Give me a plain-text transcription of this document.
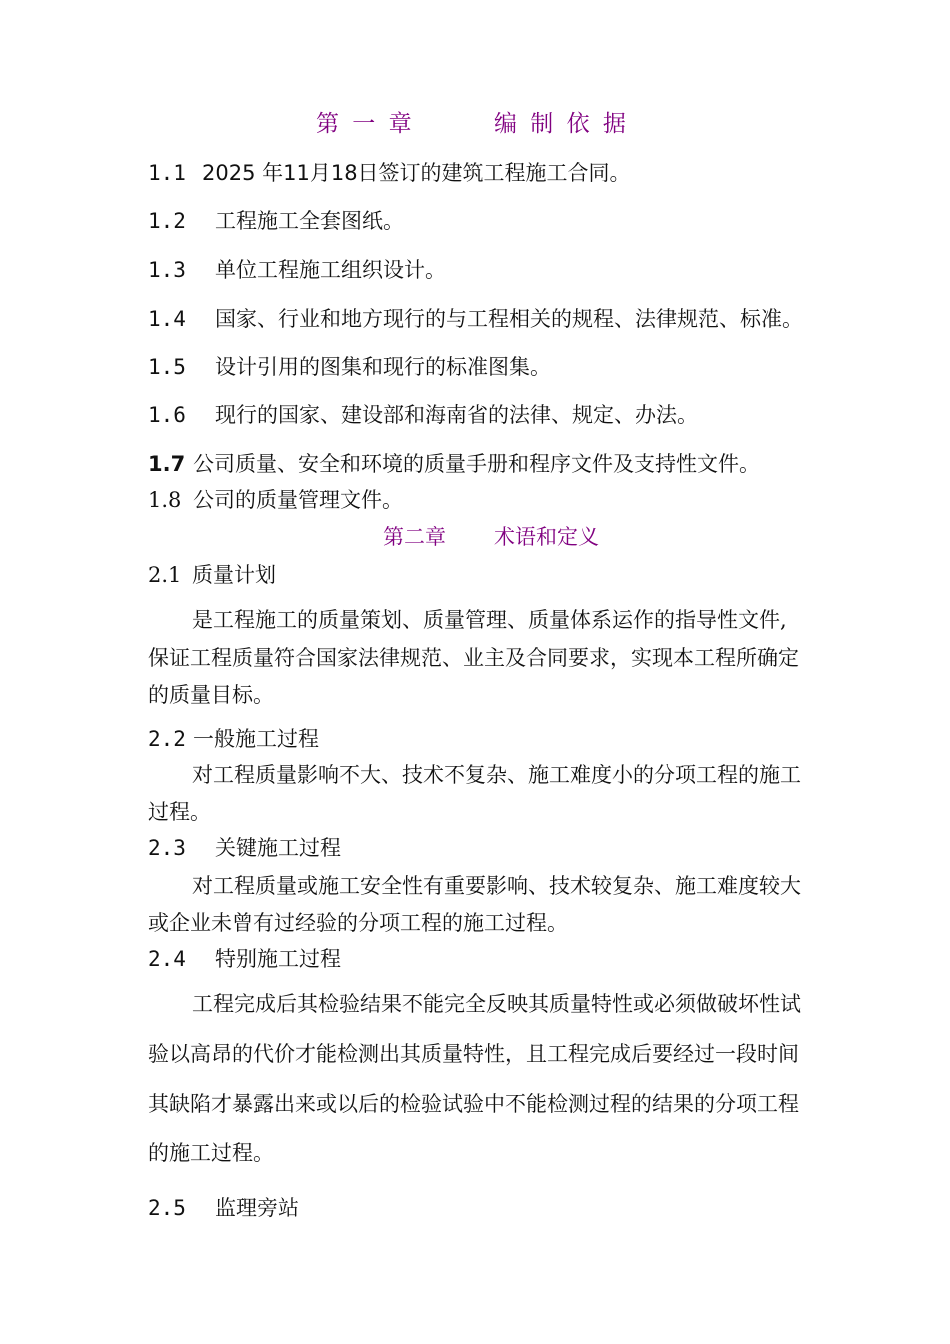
第 一 章	编 制 依 据
1.1 2025 年11月18日签订的建筑工程施工合同。
1.2 工程施工全套图纸。
1.3 单位工程施工组织设计。
1.4 国家、行业和地方现行的与工程相关的规程、法律规范、标准。
1.5 设计引用的图集和现行的标准图集。
1.6 现行的国家、建设部和海南省的法律、规定、办法。
1.7 公司质量、安全和环境的质量手册和程序文件及支持性文件。
1.8 公司的质量管理文件。
第二章 术语和定义
2.1 质量计划
是工程施工的质量策划、质量管理、质量体系运作的指导性文件,
保证工程质量符合国家法律规范、业主及合同要求，实现本工程所确定
的质量目标。
2.2 一般施工过程
对工程质量影响不大、技术不复杂、施工难度小的分项工程的施工
过程。
2.3 关键施工过程
对工程质量或施工安全性有重要影响、技术较复杂、施工难度较大
或企业未曾有过经验的分项工程的施工过程。
2.4 特别施工过程
工程完成后其检验结果不能完全反映其质量特性或必须做破坏性试
验以高昂的代价才能检测出其质量特性，且工程完成后要经过一段时间
其缺陷才暴露出来或以后的检验试验中不能检测过程的结果的分项工程
的施工过程。
2.5 监理旁站
